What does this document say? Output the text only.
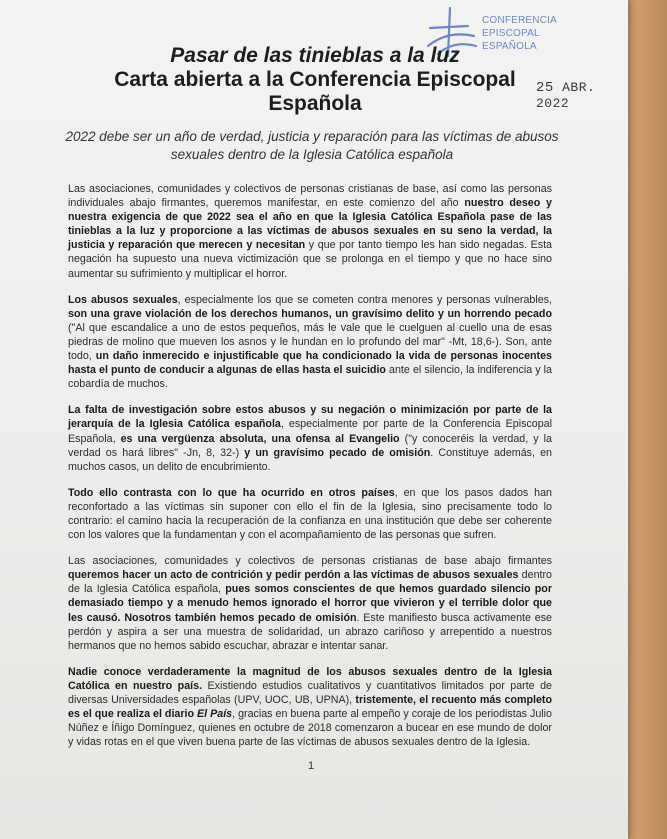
CONFERENCIA
EPISCOPAL
ESPAÑOLA
25 ABR. 2022
Pasar de las tinieblas a la luz
Carta abierta a la Conferencia Episcopal
Española
2022 debe ser un año de verdad, justicia y reparación para las víctimas de abusos sexuales dentro de la Iglesia Católica española

Las asociaciones, comunidades y colectivos de personas cristianas de base, así como las personas individuales abajo firmantes, queremos manifestar, en este comienzo del año nuestro deseo y nuestra exigencia de que 2022 sea el año en que la Iglesia Católica Española pase de las tinieblas a la luz y proporcione a las víctimas de abusos sexuales en su seno la verdad, la justicia y reparación que merecen y necesitan y que por tanto tiempo les han sido negadas. Esta negación ha supuesto una nueva victimización que se prolonga en el tiempo y que no hace sino aumentar su sufrimiento y multiplicar el horror.

Los abusos sexuales, especialmente los que se cometen contra menores y personas vulnerables, son una grave violación de los derechos humanos, un gravísimo delito y un horrendo pecado ("Al que escandalice a uno de estos pequeños, más le vale que le cuelguen al cuello una de esas piedras de molino que mueven los asnos y le hundan en lo profundo del mar" -Mt, 18,6-). Son, ante todo, un daño inmerecido e injustificable que ha condicionado la vida de personas inocentes hasta el punto de conducir a algunas de ellas hasta el suicidio ante el silencio, la indiferencia y la cobardía de muchos.

La falta de investigación sobre estos abusos y su negación o minimización por parte de la jerarquía de la Iglesia Católica española, especialmente por parte de la Conferencia Episcopal Española, es una vergüenza absoluta, una ofensa al Evangelio ("y conoceréis la verdad, y la verdad os hará libres" -Jn, 8, 32-) y un gravísimo pecado de omisión. Constituye además, en muchos casos, un delito de encubrimiento.

Todo ello contrasta con lo que ha ocurrido en otros países, en que los pasos dados han reconfortado a las víctimas sin suponer con ello el fin de la Iglesia, sino precisamente todo lo contrario: el camino hacia la recuperación de la confianza en una institución que debe ser coherente con los valores que la fundamentan y con el acompañamiento de las personas que sufren.

Las asociaciones, comunidades y colectivos de personas cristianas de base abajo firmantes queremos hacer un acto de contrición y pedir perdón a las víctimas de abusos sexuales dentro de la Iglesia Católica española, pues somos conscientes de que hemos guardado silencio por demasiado tiempo y a menudo hemos ignorado el horror que vivieron y el terrible dolor que les causó. Nosotros también hemos pecado de omisión. Este manifiesto busca activamente ese perdón y aspira a ser una muestra de solidaridad, un abrazo cariñoso y arrepentido a nuestros hermanos que no hemos sabido escuchar, abrazar e intentar sanar.

Nadie conoce verdaderamente la magnitud de los abusos sexuales dentro de la Iglesia Católica en nuestro país. Existiendo estudios cualitativos y cuantitativos limitados por parte de diversas Universidades españolas (UPV, UOC, UB, UPNA), tristemente, el recuento más completo es el que realiza el diario El País, gracias en buena parte al empeño y coraje de los periodistas Julio Núñez e Íñigo Domínguez, quienes en octubre de 2018 comenzaron a bucear en ese mundo de dolor y vidas rotas en el que viven buena parte de las víctimas de abusos sexuales dentro de la Iglesia.

1
